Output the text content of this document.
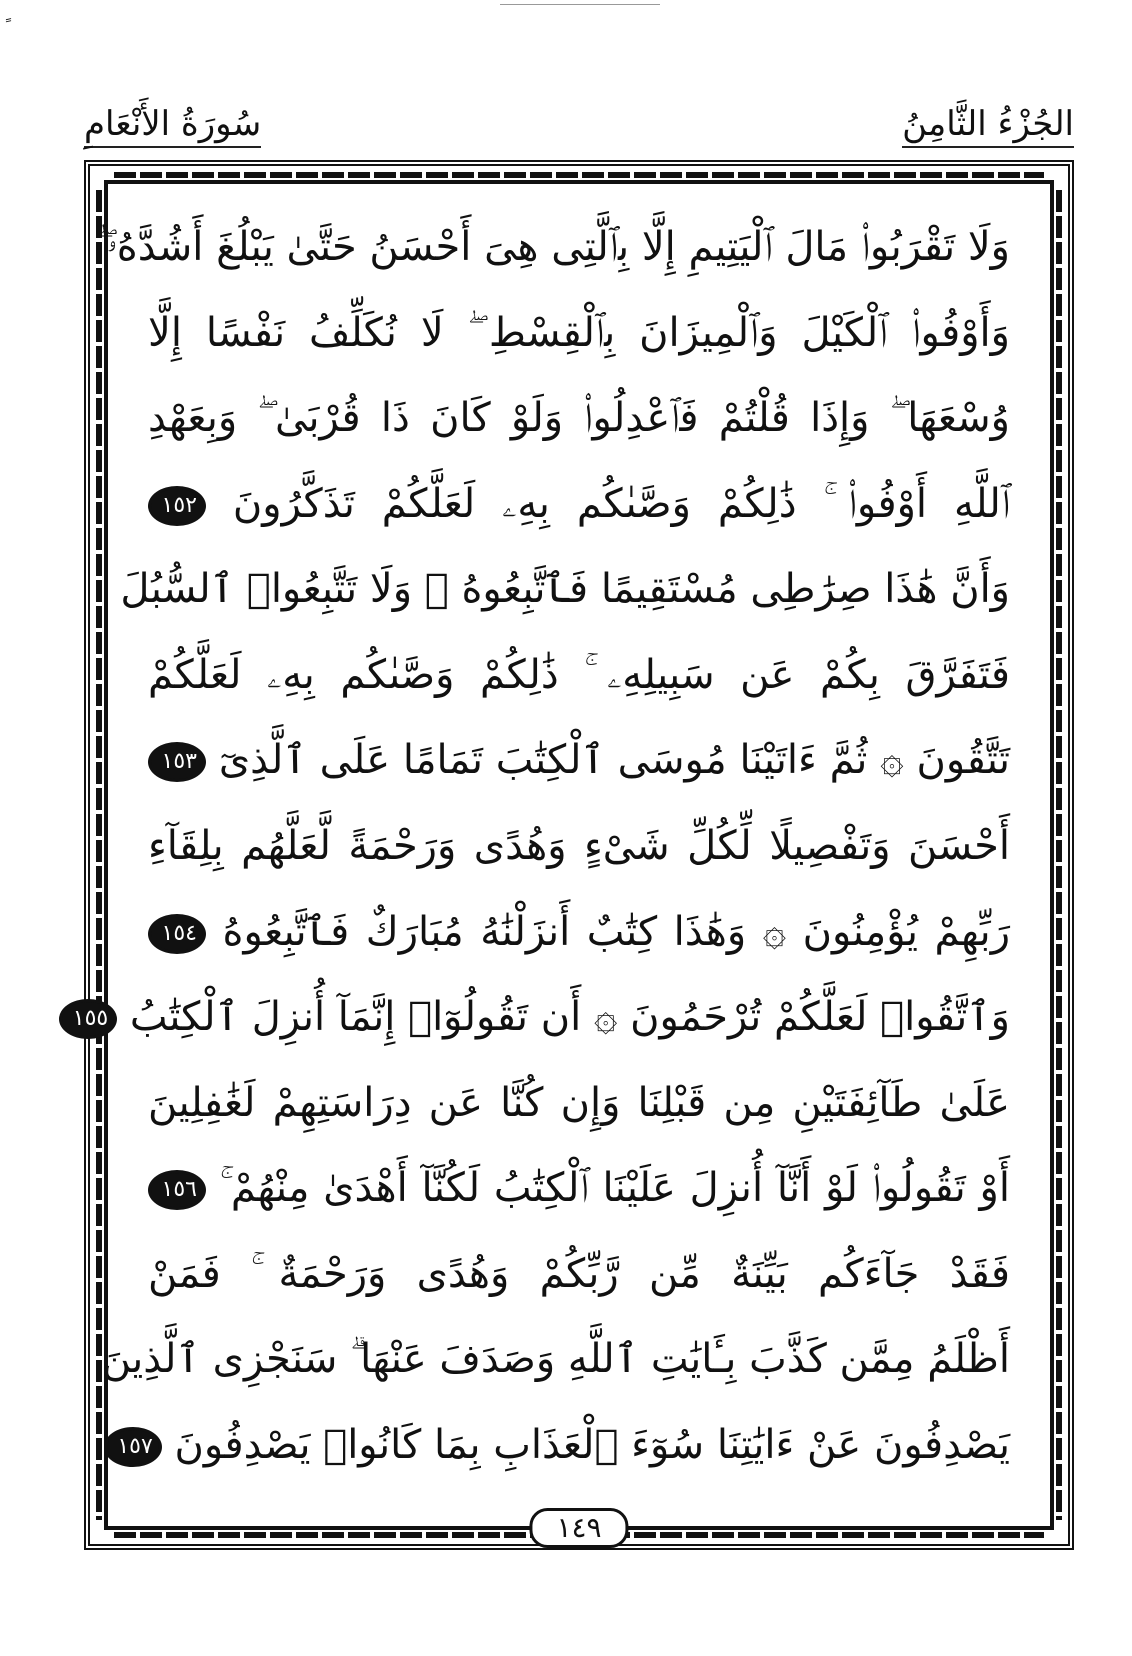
سُورَةُ الأَنْعَامِ	الجُزْءُ الثَّامِنُ
وَلَا تَقْرَبُوا۟ مَالَ ٱلْيَتِيمِ إِلَّا بِٱلَّتِى هِىَ أَحْسَنُ حَتَّىٰ يَبْلُغَ أَشُدَّهُۥ ۖ
وَأَوْفُوا۟ ٱلْكَيْلَ وَٱلْمِيزَانَ بِٱلْقِسْطِ ۖ لَا نُكَلِّفُ نَفْسًا إِلَّا
وُسْعَهَا ۖ وَإِذَا قُلْتُمْ فَٱعْدِلُوا۟ وَلَوْ كَانَ ذَا قُرْبَىٰ ۖ وَبِعَهْدِ
ٱللَّهِ أَوْفُوا۟ ۚ ذَٰلِكُمْ وَصَّىٰكُم بِهِۦ لَعَلَّكُمْ تَذَكَّرُونَ ١٥٢
وَأَنَّ هَٰذَا صِرَٰطِى مُسْتَقِيمًا فَٱتَّبِعُوهُ ۖ وَلَا تَتَّبِعُوا۟ ٱلسُّبُلَ
فَتَفَرَّقَ بِكُمْ عَن سَبِيلِهِۦ ۚ ذَٰلِكُمْ وَصَّىٰكُم بِهِۦ لَعَلَّكُمْ
تَتَّقُونَ ۞ ثُمَّ ءَاتَيْنَا مُوسَى ٱلْكِتَٰبَ تَمَامًا عَلَى ٱلَّذِىٓ ١٥٣
أَحْسَنَ وَتَفْصِيلًا لِّكُلِّ شَىْءٍ وَهُدًى وَرَحْمَةً لَّعَلَّهُم بِلِقَآءِ
رَبِّهِمْ يُؤْمِنُونَ ۞ وَهَٰذَا كِتَٰبٌ أَنزَلْنَٰهُ مُبَارَكٌ فَٱتَّبِعُوهُ ١٥٤
وَٱتَّقُوا۟ لَعَلَّكُمْ تُرْحَمُونَ ۞ أَن تَقُولُوٓا۟ إِنَّمَآ أُنزِلَ ٱلْكِتَٰبُ ١٥٥
عَلَىٰ طَآئِفَتَيْنِ مِن قَبْلِنَا وَإِن كُنَّا عَن دِرَاسَتِهِمْ لَغَٰفِلِينَ
أَوْ تَقُولُوا۟ لَوْ أَنَّآ أُنزِلَ عَلَيْنَا ٱلْكِتَٰبُ لَكُنَّآ أَهْدَىٰ مِنْهُمْ ۚ ١٥٦
فَقَدْ جَآءَكُم بَيِّنَةٌ مِّن رَّبِّكُمْ وَهُدًى وَرَحْمَةٌ ۚ فَمَنْ
أَظْلَمُ مِمَّن كَذَّبَ بِـَٔايَٰتِ ٱللَّهِ وَصَدَفَ عَنْهَا ۗ سَنَجْزِى ٱلَّذِينَ
يَصْدِفُونَ عَنْ ءَايَٰتِنَا سُوٓءَ ٱلْعَذَابِ بِمَا كَانُوا۟ يَصْدِفُونَ ١٥٧
١٤٩
